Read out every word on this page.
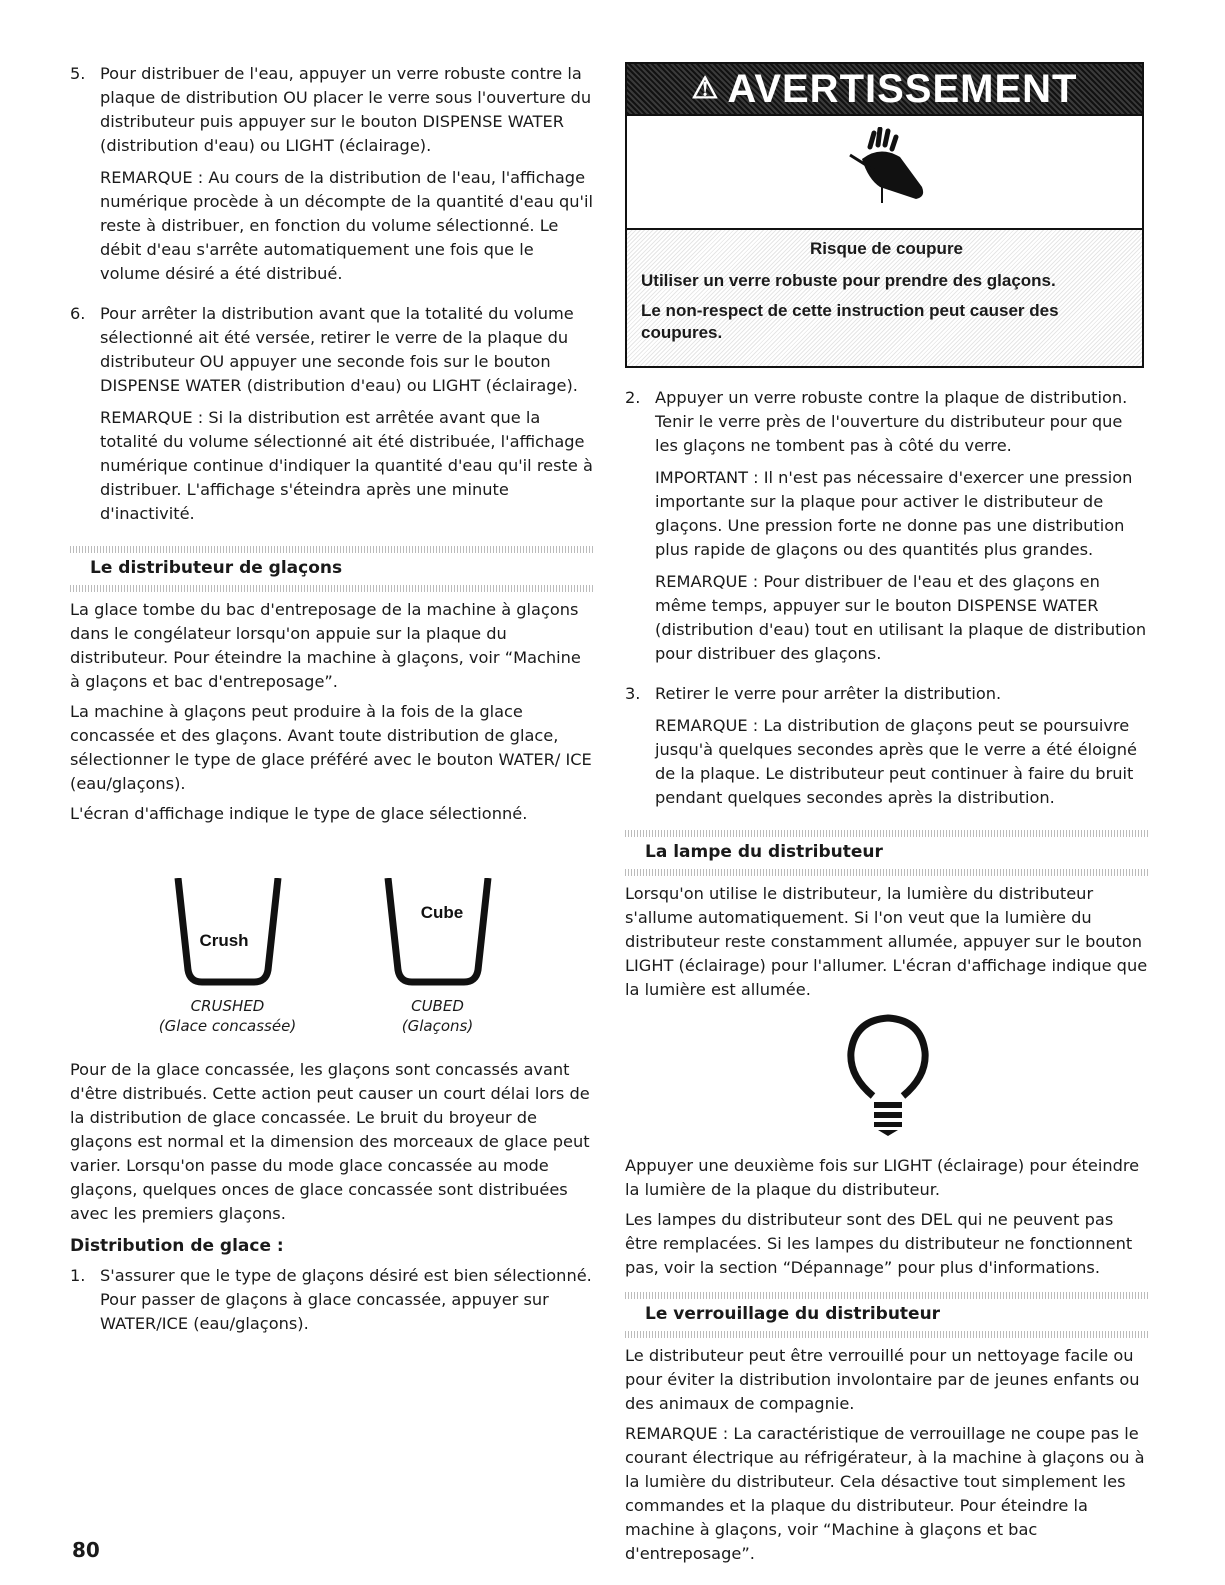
5. Pour distribuer de l'eau, appuyer un verre robuste contre la plaque de distribution OU placer le verre sous l'ouverture du distributeur puis appuyer sur le bouton DISPENSE WATER (distribution d'eau) ou LIGHT (éclairage).

REMARQUE : Au cours de la distribution de l'eau, l'affichage numérique procède à un décompte de la quantité d'eau qu'il reste à distribuer, en fonction du volume sélectionné. Le débit d'eau s'arrête automatiquement une fois que le volume désiré a été distribué.

6. Pour arrêter la distribution avant que la totalité du volume sélectionné ait été versée, retirer le verre de la plaque du distributeur OU appuyer une seconde fois sur le bouton DISPENSE WATER (distribution d'eau) ou LIGHT (éclairage).

REMARQUE : Si la distribution est arrêtée avant que la totalité du volume sélectionné ait été distribuée, l'affichage numérique continue d'indiquer la quantité d'eau qu'il reste à distribuer. L'affichage s'éteindra après une minute d'inactivité.

Le distributeur de glaçons

La glace tombe du bac d'entreposage de la machine à glaçons dans le congélateur lorsqu'on appuie sur la plaque du distributeur. Pour éteindre la machine à glaçons, voir “Machine à glaçons et bac d'entreposage”.

La machine à glaçons peut produire à la fois de la glace concassée et des glaçons. Avant toute distribution de glace, sélectionner le type de glace préféré avec le bouton WATER/ ICE (eau/glaçons).

L'écran d'affichage indique le type de glace sélectionné.

Crush
CRUSHED
(Glace concassée)
Cube
CUBED
(Glaçons)

Pour de la glace concassée, les glaçons sont concassés avant d'être distribués. Cette action peut causer un court délai lors de la distribution de glace concassée. Le bruit du broyeur de glaçons est normal et la dimension des morceaux de glace peut varier. Lorsqu'on passe du mode glace concassée au mode glaçons, quelques onces de glace concassée sont distribuées avec les premiers glaçons.

Distribution de glace :
1. S'assurer que le type de glaçons désiré est bien sélectionné. Pour passer de glaçons à glace concassée, appuyer sur WATER/ICE (eau/glaçons).

⚠ AVERTISSEMENT
Risque de coupure

Utiliser un verre robuste pour prendre des glaçons.

Le non-respect de cette instruction peut causer des coupures.

2. Appuyer un verre robuste contre la plaque de distribution. Tenir le verre près de l'ouverture du distributeur pour que les glaçons ne tombent pas à côté du verre.

IMPORTANT : Il n'est pas nécessaire d'exercer une pression importante sur la plaque pour activer le distributeur de glaçons. Une pression forte ne donne pas une distribution plus rapide de glaçons ou des quantités plus grandes.

REMARQUE : Pour distribuer de l'eau et des glaçons en même temps, appuyer sur le bouton DISPENSE WATER (distribution d'eau) tout en utilisant la plaque de distribution pour distribuer des glaçons.

3. Retirer le verre pour arrêter la distribution.

REMARQUE : La distribution de glaçons peut se poursuivre jusqu'à quelques secondes après que le verre a été éloigné de la plaque. Le distributeur peut continuer à faire du bruit pendant quelques secondes après la distribution.

La lampe du distributeur

Lorsqu'on utilise le distributeur, la lumière du distributeur s'allume automatiquement. Si l'on veut que la lumière du distributeur reste constamment allumée, appuyer sur le bouton LIGHT (éclairage) pour l'allumer. L'écran d'affichage indique que la lumière est allumée.

Appuyer une deuxième fois sur LIGHT (éclairage) pour éteindre la lumière de la plaque du distributeur.

Les lampes du distributeur sont des DEL qui ne peuvent pas être remplacées. Si les lampes du distributeur ne fonctionnent pas, voir la section “Dépannage” pour plus d'informations.

Le verrouillage du distributeur

Le distributeur peut être verrouillé pour un nettoyage facile ou pour éviter la distribution involontaire par de jeunes enfants ou des animaux de compagnie.

REMARQUE : La caractéristique de verrouillage ne coupe pas le courant électrique au réfrigérateur, à la machine à glaçons ou à la lumière du distributeur. Cela désactive tout simplement les commandes et la plaque du distributeur. Pour éteindre la machine à glaçons, voir “Machine à glaçons et bac d'entreposage”.

80
